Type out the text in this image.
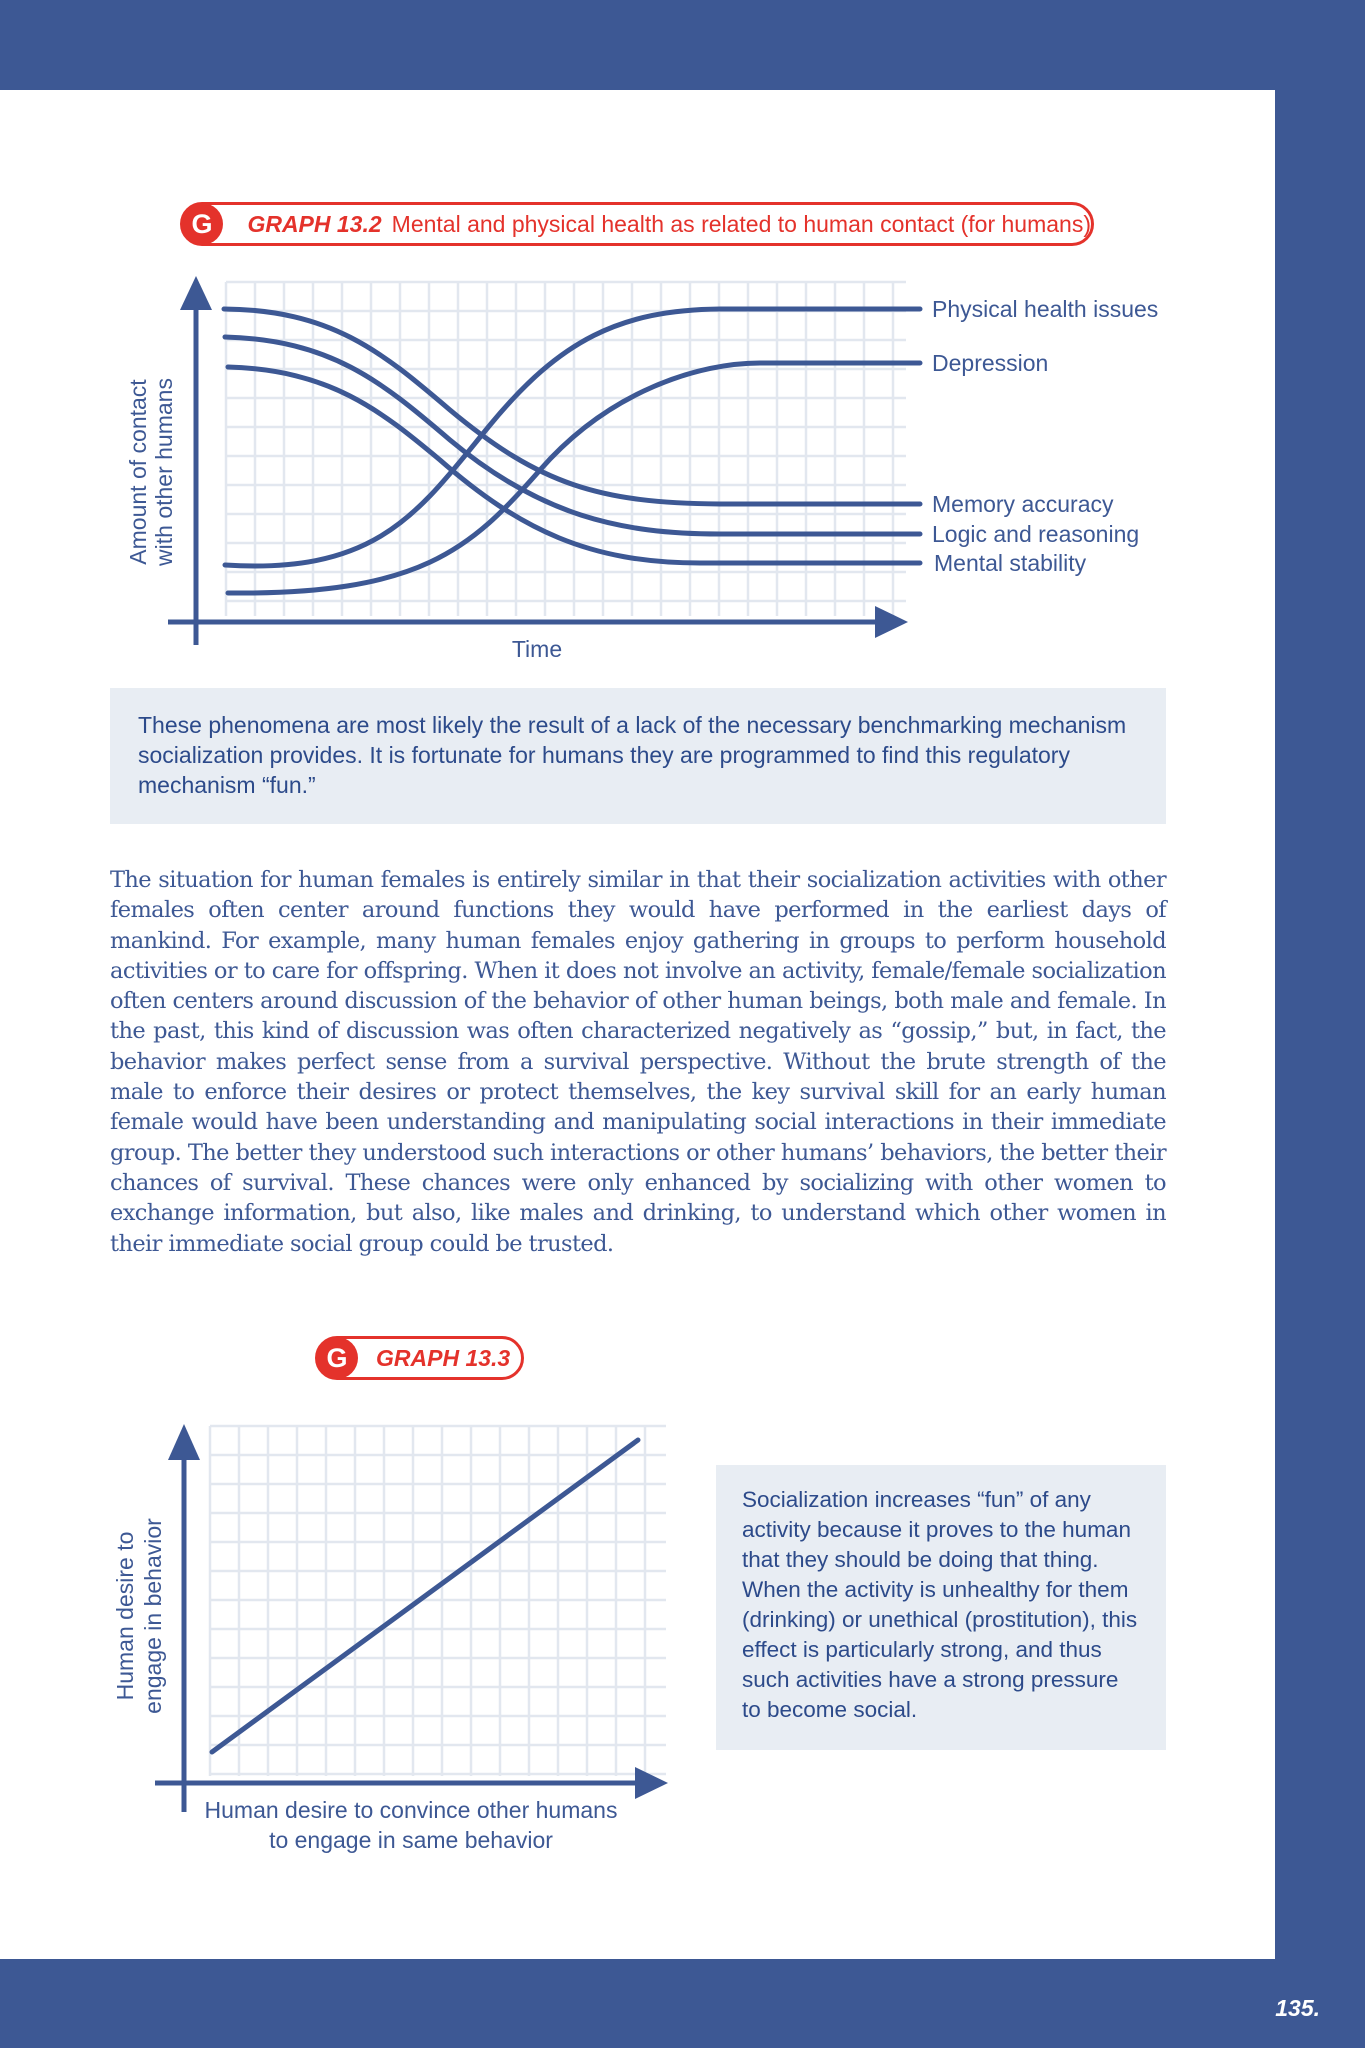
G	GRAPH 13.2 Mental and physical health as related to human contact (for humans)
Physical health issues
Depression
Memory accuracy
Logic and reasoning
Mental stability
Time
Amount of contact with other humans
These phenomena are most likely the result of a lack of the necessary benchmarking mechanism socialization provides. It is fortunate for humans they are programmed to find this regulatory mechanism “fun.”

The situation for human females is entirely similar in that their socialization activities with other females often center around functions they would have performed in the earliest days of mankind. For example, many human females enjoy gathering in groups to perform household activities or to care for offspring. When it does not involve an activity, female/female socialization often centers around discussion of the behavior of other human beings, both male and female. In the past, this kind of discussion was often characterized negatively as “gossip,” but, in fact, the behavior makes perfect sense from a survival perspective. Without the brute strength of the male to enforce their desires or protect themselves, the key survival skill for an early human female would have been understanding and manipulating social interactions in their immediate group. The better they understood such interactions or other humans’ behaviors, the better their chances of survival. These chances were only enhanced by socializing with other women to exchange information, but also, like males and drinking, to understand which other women in their immediate social group could be trusted.

G	GRAPH 13.3
Human desire to convince other humans
to engage in same behavior
Human desire to engage in behavior
Socialization increases “fun” of any activity because it proves to the human that they should be doing that thing. When the activity is unhealthy for them (drinking) or unethical (prostitution), this effect is particularly strong, and thus such activities have a strong pressure to become social.
135.
